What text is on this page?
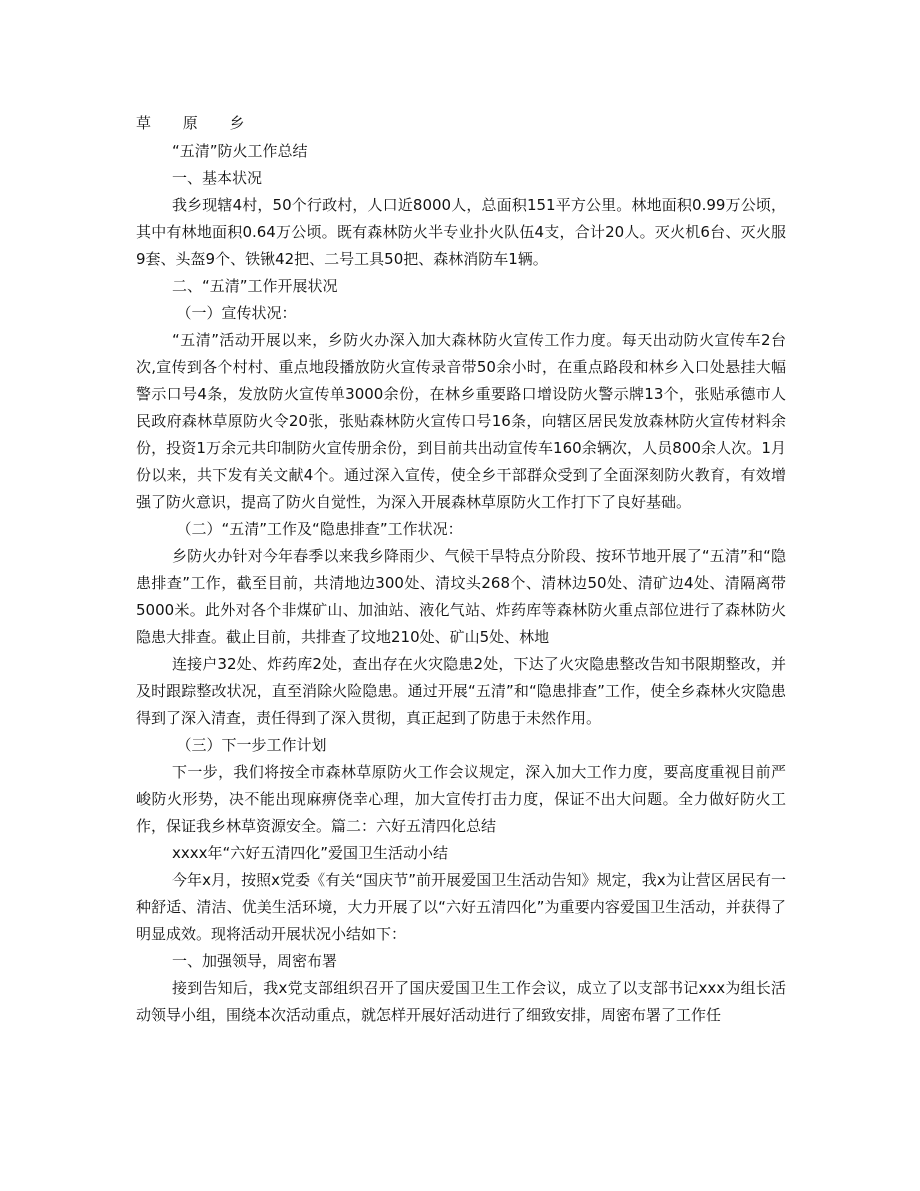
草 原 乡

“五清”防火工作总结

一、基本状况

我乡现辖4村，50个行政村，人口近8000人，总面积151平方公里。林地面积0.99万公顷，其中有林地面积0.64万公顷。既有森林防火半专业扑火队伍4支，合计20人。灭火机6台、灭火服9套、头盔9个、铁锹42把、二号工具50把、森林消防车1辆。

二、“五清”工作开展状况

（一）宣传状况：

“五清”活动开展以来，乡防火办深入加大森林防火宣传工作力度。每天出动防火宣传车2台次,宣传到各个村村、重点地段播放防火宣传录音带50余小时，在重点路段和林乡入口处悬挂大幅警示口号4条，发放防火宣传单3000余份，在林乡重要路口增设防火警示牌13个，张贴承德市人民政府森林草原防火令20张，张贴森林防火宣传口号16条，向辖区居民发放森林防火宣传材料余份，投资1万余元共印制防火宣传册余份，到目前共出动宣传车160余辆次，人员800余人次。1月份以来，共下发有关文献4个。通过深入宣传，使全乡干部群众受到了全面深刻防火教育，有效增强了防火意识，提高了防火自觉性，为深入开展森林草原防火工作打下了良好基础。

（二）“五清”工作及“隐患排查”工作状况：

乡防火办针对今年春季以来我乡降雨少、气候干旱特点分阶段、按环节地开展了“五清”和“隐患排查”工作，截至目前，共清地边300处、清坟头268个、清林边50处、清矿边4处、清隔离带5000米。此外对各个非煤矿山、加油站、液化气站、炸药库等森林防火重点部位进行了森林防火隐患大排查。截止目前，共排查了坟地210处、矿山5处、林地

连接户32处、炸药库2处，查出存在火灾隐患2处，下达了火灾隐患整改告知书限期整改，并及时跟踪整改状况，直至消除火险隐患。通过开展“五清”和“隐患排查”工作，使全乡森林火灾隐患得到了深入清查，责任得到了深入贯彻，真正起到了防患于未然作用。

（三）下一步工作计划

下一步，我们将按全市森林草原防火工作会议规定，深入加大工作力度，要高度重视目前严峻防火形势，决不能出现麻痹侥幸心理，加大宣传打击力度，保证不出大问题。全力做好防火工作，保证我乡林草资源安全。篇二：六好五清四化总结

xxxx年“六好五清四化”爱国卫生活动小结

今年x月，按照x党委《有关“国庆节”前开展爱国卫生活动告知》规定，我x为让营区居民有一种舒适、清洁、优美生活环境，大力开展了以“六好五清四化”为重要内容爱国卫生活动，并获得了明显成效。现将活动开展状况小结如下：

一、加强领导，周密布署

接到告知后，我x党支部组织召开了国庆爱国卫生工作会议，成立了以支部书记xxx为组长活动领导小组，围绕本次活动重点，就怎样开展好活动进行了细致安排，周密布署了工作任
